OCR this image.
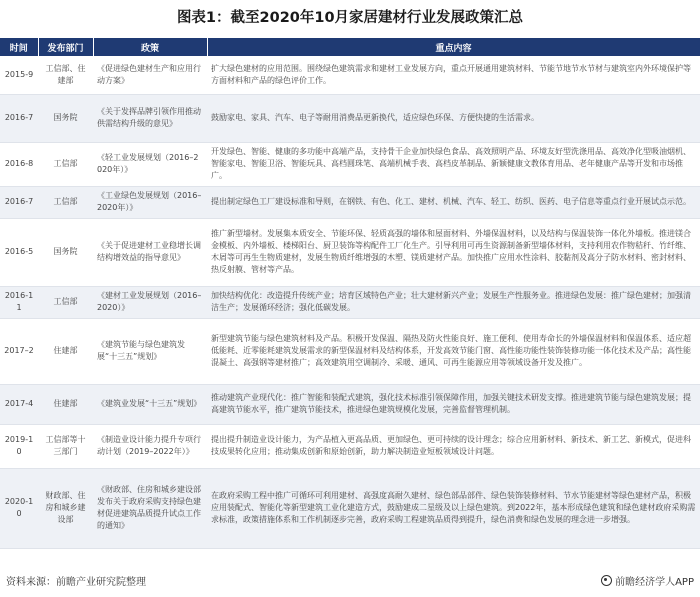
图表1：截至2020年10月家居建材行业发展政策汇总
时间	发布部门	政策	重点内容
2015-9	工信部、住建部	《促进绿色建材生产和应用行动方案》	扩大绿色建材的应用范围。围绕绿色建筑需求和建材工业发展方向，重点开展通用建筑材料、节能节地节水节材与建筑室内外环境保护等方面材料和产品的绿色评价工作。
2016-7	国务院	《关于发挥品牌引领作用推动供需结构升级的意见》	鼓励家电、家具、汽车、电子等耐用消费品更新换代，适应绿色环保、方便快捷的生活需求。
2016-8	工信部	《轻工业发展规划（2016–2020年）》	开发绿色、智能、健康的多功能中高端产品，支持骨干企业加快绿色食品、高效照明产品、环境友好型洗涤用品、高效净化型吸油烟机、智能家电、智能卫浴、智能玩具、高档圆珠笔、高端机械手表、高档皮革制品、新颖健康文教体育用品、老年健康产品等开发和市场推广。
2016-7	工信部	《工业绿色发展规划（2016–2020年）》	提出制定绿色工厂建设标准和导则，在钢铁、有色、化工、建材、机械、汽车、轻工、纺织、医药、电子信息等重点行业开展试点示范。
2016-5	国务院	《关于促进建材工业稳增长调结构增效益的指导意见》	推广新型墙材。发展集本质安全、节能环保、轻质高强的墙体和屋面材料、外墙保温材料，以及结构与保温装饰一体化外墙板。推进镁合金模板、内外墙板、楼梯阳台、厨卫装饰等构配件工厂化生产。引导利用可再生资源制备新型墙体材料，支持利用农作物秸秆、竹纤维、木屑等可再生生物质建材，发展生物质纤维增强的木塑、镁质建材产品。加快推广应用水性涂料、胶黏剂及高分子防水材料、密封材料、热反射膜、管材等产品。
2016-11	工信部	《建材工业发展规划（2016–2020）》	加快结构优化：改造提升传统产业；培育区域特色产业；壮大建材新兴产业；发展生产性服务业。推进绿色发展：推广绿色建材；加强清洁生产；发展循环经济；强化低碳发展。
2017–2	住建部	《建筑节能与绿色建筑发展“十三五”规划》	新型建筑节能与绿色建筑材料及产品。积极开发保温、隔热及防火性能良好、施工便利、使用寿命长的外墙保温材料和保温体系、适应超低能耗、近零能耗建筑发展需求的新型保温材料及结构体系，开发高效节能门窗、高性能功能性装饰装修功能一体化技术及产品；高性能混凝土、高强钢等建材推广；高效建筑用空调制冷、采暖、通风、可再生能源应用等领域设备开发及推广。
2017-4	住建部	《建筑业发展“十三五”规划》	推动建筑产业现代化：推广智能和装配式建筑，强化技术标准引领保障作用，加强关键技术研发支撑。推进建筑节能与绿色建筑发展；提高建筑节能水平，推广建筑节能技术，推进绿色建筑规模化发展，完善监督管理机制。
2019-10	工信部等十三部门	《制造业设计能力提升专项行动计划（2019–2022年）》	提出提升制造业设计能力，为产品植入更高品质、更加绿色、更可持续的设计理念；综合应用新材料、新技术、新工艺、新模式，促进科技成果转化应用；推动集成创新和原始创新，助力解决制造业短板领域设计问题。
2020-10	财政部、住房和城乡建设部	《财政部、住房和城乡建设部发布关于政府采购支持绿色建材促进建筑品质提升试点工作的通知》	在政府采购工程中推广可循环可利用建材、高强度高耐久建材、绿色部品部件、绿色装饰装修材料、节水节能建材等绿色建材产品，积极应用装配式、智能化等新型建筑工业化建造方式，鼓励建成二星级及以上绿色建筑。到2022年，基本形成绿色建筑和绿色建材政府采购需求标准，政策措施体系和工作机制逐步完善，政府采购工程建筑品质得到提升，绿色消费和绿色发展的理念进一步增强。
资料来源：前瞻产业研究院整理	前瞻经济学人APP
